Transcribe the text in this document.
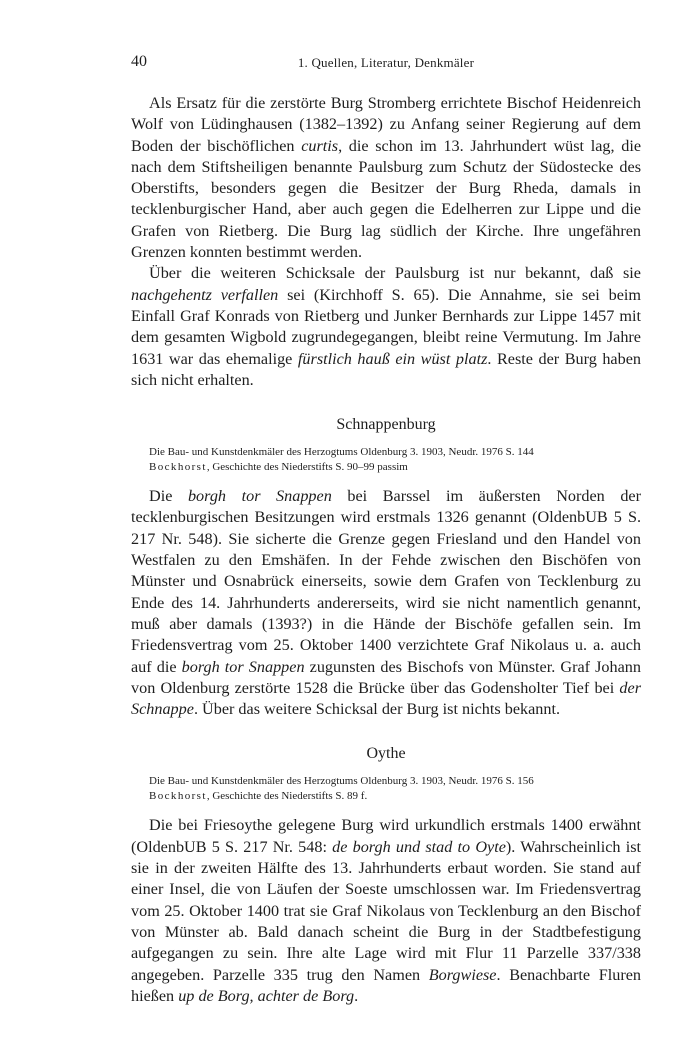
40	1. Quellen, Literatur, Denkmäler

Als Ersatz für die zerstörte Burg Stromberg errichtete Bischof Heidenreich Wolf von Lüdinghausen (1382–1392) zu Anfang seiner Regierung auf dem Boden der bischöflichen curtis, die schon im 13. Jahrhundert wüst lag, die nach dem Stiftsheiligen benannte Paulsburg zum Schutz der Südostecke des Oberstifts, besonders gegen die Besitzer der Burg Rheda, damals in tecklenburgischer Hand, aber auch gegen die Edelherren zur Lippe und die Grafen von Rietberg. Die Burg lag südlich der Kirche. Ihre ungefähren Grenzen konnten bestimmt werden.

Über die weiteren Schicksale der Paulsburg ist nur bekannt, daß sie nachgehentz verfallen sei (Kirchhoff S. 65). Die Annahme, sie sei beim Einfall Graf Konrads von Rietberg und Junker Bernhards zur Lippe 1457 mit dem gesamten Wigbold zugrundegegangen, bleibt reine Vermutung. Im Jahre 1631 war das ehemalige fürstlich hauß ein wüst platz. Reste der Burg haben sich nicht erhalten.

Schnappenburg

Die Bau- und Kunstdenkmäler des Herzogtums Oldenburg 3. 1903, Neudr. 1976 S. 144
Bockhorst, Geschichte des Niederstifts S. 90–99 passim

Die borgh tor Snappen bei Barssel im äußersten Norden der tecklenburgischen Besitzungen wird erstmals 1326 genannt (OldenbUB 5 S. 217 Nr. 548). Sie sicherte die Grenze gegen Friesland und den Handel von Westfalen zu den Emshäfen. In der Fehde zwischen den Bischöfen von Münster und Osnabrück einerseits, sowie dem Grafen von Tecklenburg zu Ende des 14. Jahrhunderts andererseits, wird sie nicht namentlich genannt, muß aber damals (1393?) in die Hände der Bischöfe gefallen sein. Im Friedensvertrag vom 25. Oktober 1400 verzichtete Graf Nikolaus u. a. auch auf die borgh tor Snappen zugunsten des Bischofs von Münster. Graf Johann von Oldenburg zerstörte 1528 die Brücke über das Godensholter Tief bei der Schnappe. Über das weitere Schicksal der Burg ist nichts bekannt.

Oythe

Die Bau- und Kunstdenkmäler des Herzogtums Oldenburg 3. 1903, Neudr. 1976 S. 156
Bockhorst, Geschichte des Niederstifts S. 89 f.

Die bei Friesoythe gelegene Burg wird urkundlich erstmals 1400 erwähnt (OldenbUB 5 S. 217 Nr. 548: de borgh und stad to Oyte). Wahrscheinlich ist sie in der zweiten Hälfte des 13. Jahrhunderts erbaut worden. Sie stand auf einer Insel, die von Läufen der Soeste umschlossen war. Im Friedensvertrag vom 25. Oktober 1400 trat sie Graf Nikolaus von Tecklenburg an den Bischof von Münster ab. Bald danach scheint die Burg in der Stadtbefestigung aufgegangen zu sein. Ihre alte Lage wird mit Flur 11 Parzelle 337/338 angegeben. Parzelle 335 trug den Namen Borgwiese. Benachbarte Fluren hießen up de Borg, achter de Borg.
